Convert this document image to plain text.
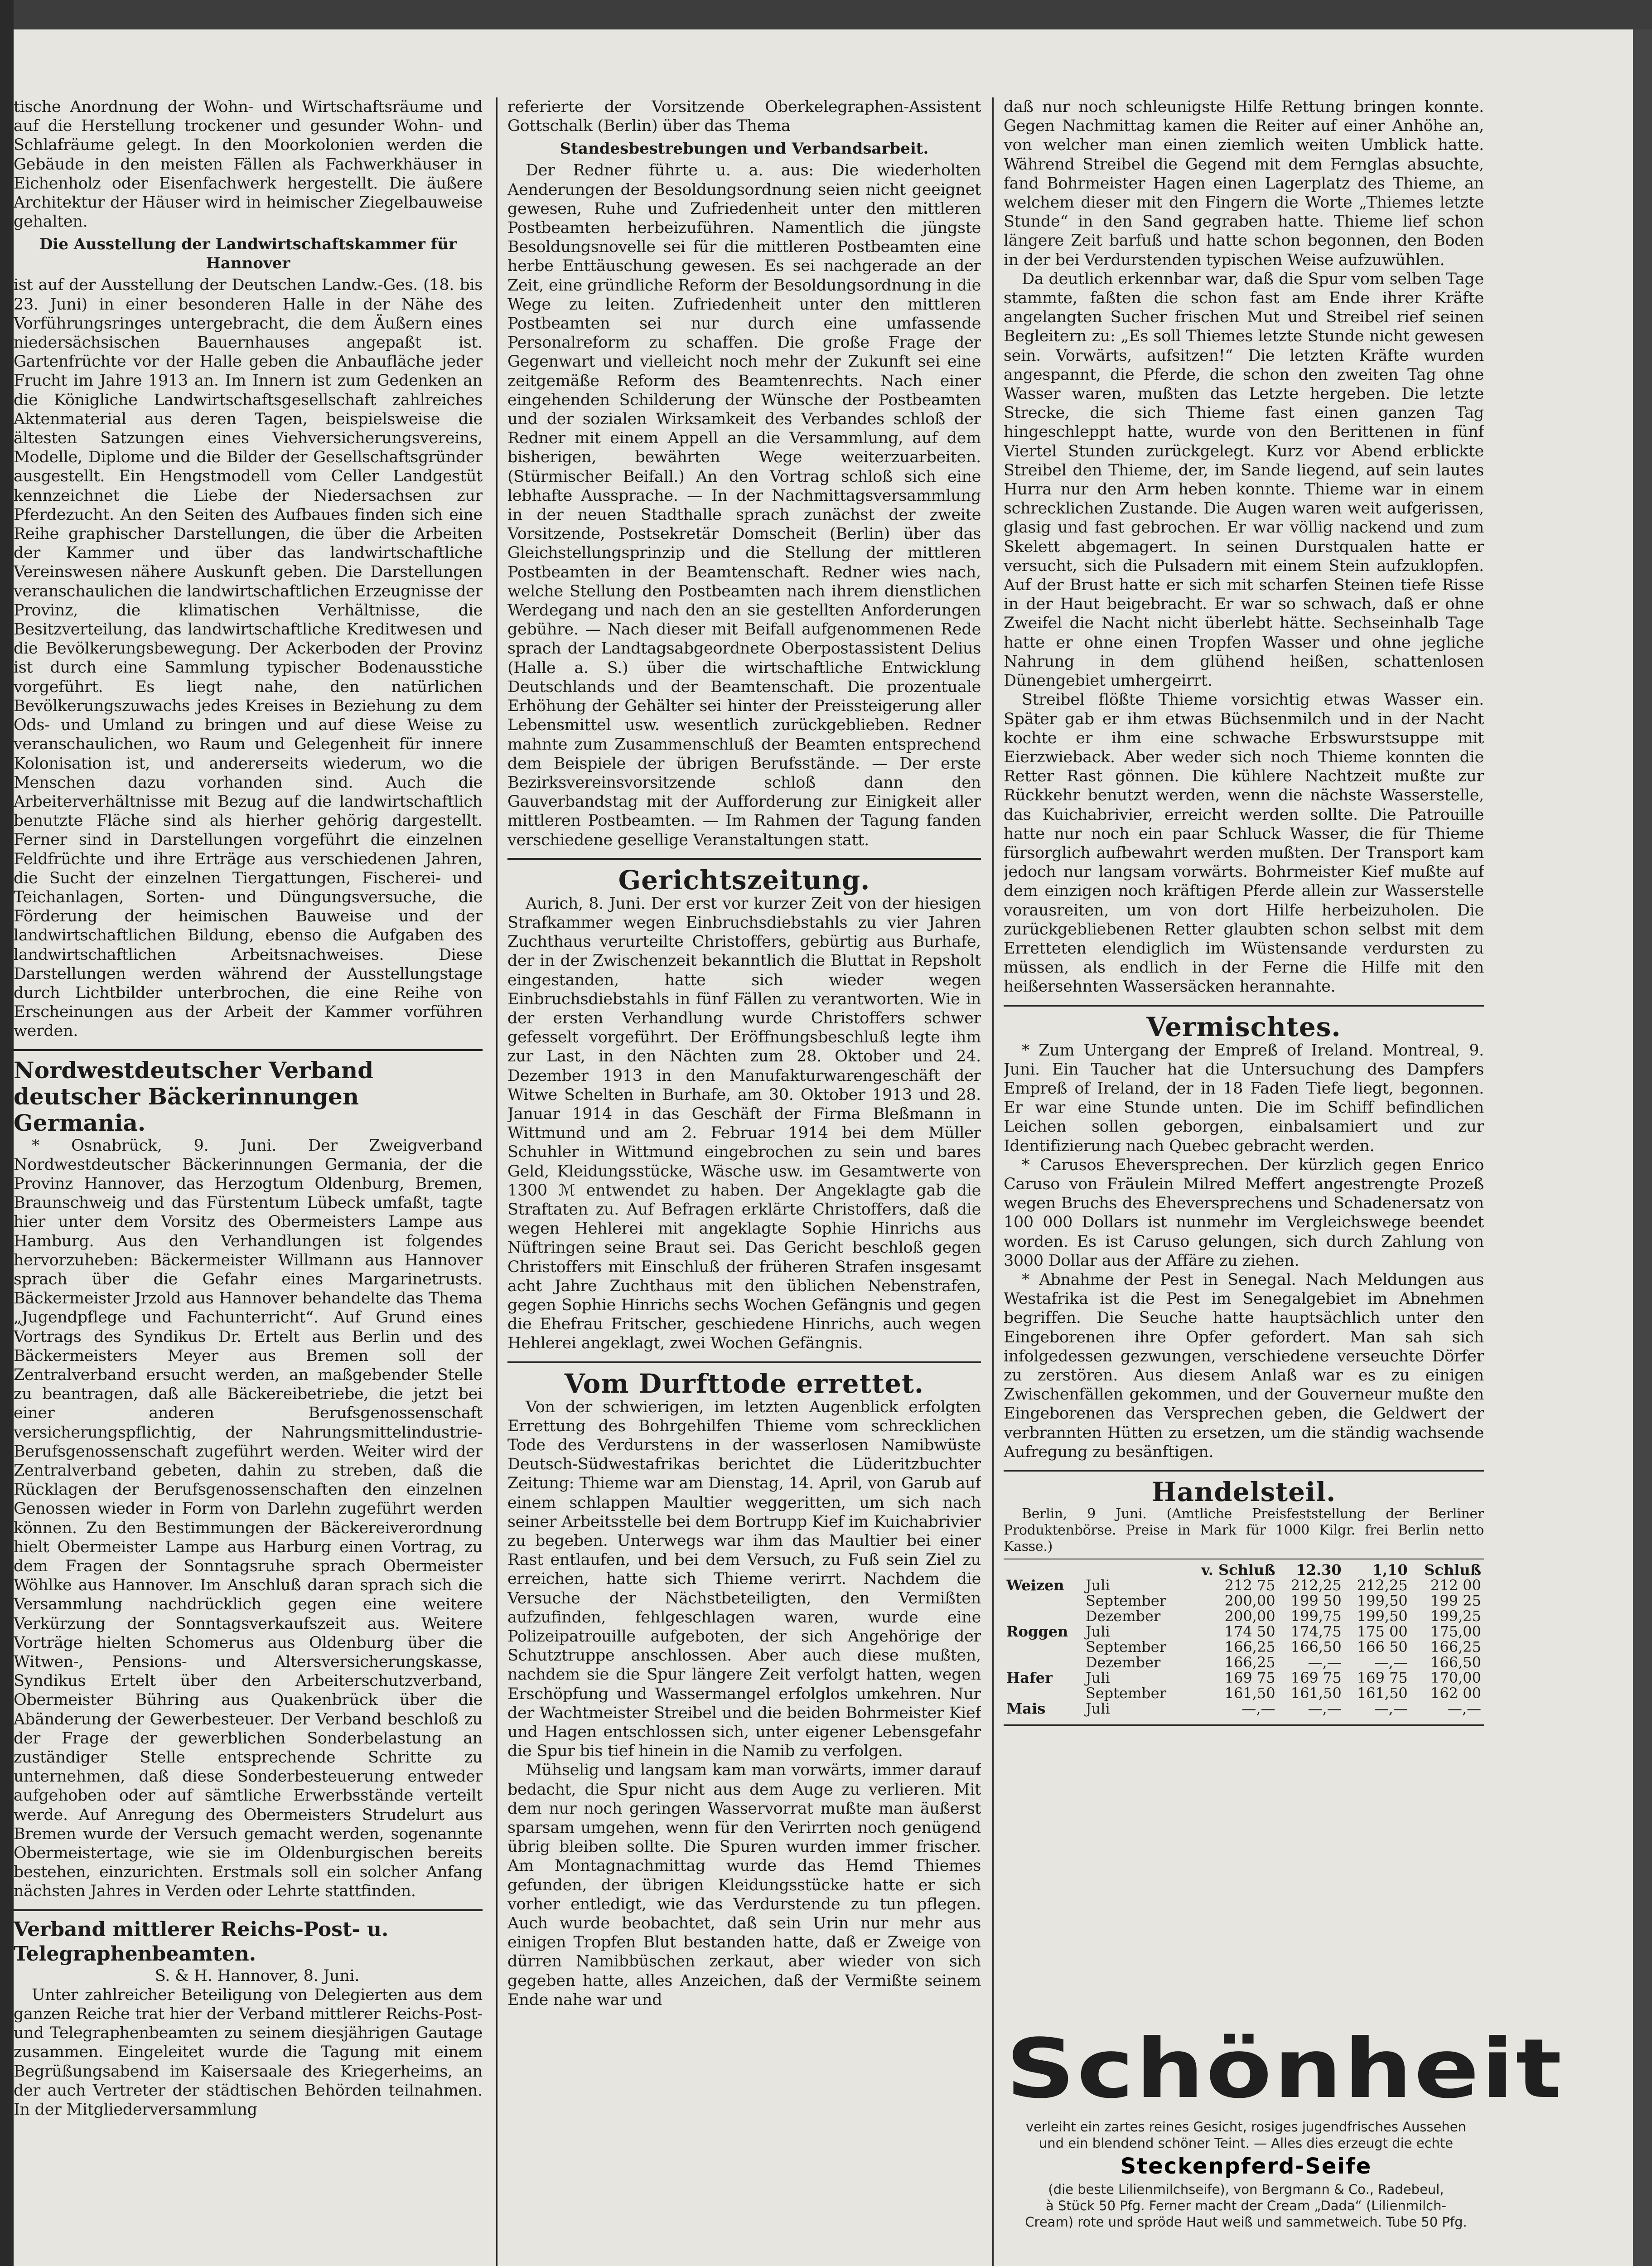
tische Anordnung der Wohn- und Wirtschaftsräume und auf die Herstellung trockener und gesunder Wohn- und Schlafräume gelegt. In den Moorkolonien werden die Gebäude in den meisten Fällen als Fachwerkhäuser in Eichenholz oder Eisenfachwerk hergestellt. Die äußere Architektur der Häuser wird in heimischer Ziegelbauweise gehalten.

Die Ausstellung der Landwirtschaftskammer für Hannover

ist auf der Ausstellung der Deutschen Landw.-Ges. (18. bis 23. Juni) in einer besonderen Halle in der Nähe des Vorführungsringes untergebracht, die dem Äußern eines niedersächsischen Bauernhauses angepaßt ist. Gartenfrüchte vor der Halle geben die Anbaufläche jeder Frucht im Jahre 1913 an. Im Innern ist zum Gedenken an die Königliche Landwirtschaftsgesellschaft zahlreiches Aktenmaterial aus deren Tagen, beispielsweise die ältesten Satzungen eines Viehversicherungsvereins, Modelle, Diplome und die Bilder der Gesellschaftsgründer ausgestellt. Ein Hengstmodell vom Celler Landgestüt kennzeichnet die Liebe der Niedersachsen zur Pferdezucht. An den Seiten des Aufbaues finden sich eine Reihe graphischer Darstellungen, die über die Arbeiten der Kammer und über das landwirtschaftliche Vereinswesen nähere Auskunft geben. Die Darstellungen veranschaulichen die landwirtschaftlichen Erzeugnisse der Provinz, die klimatischen Verhältnisse, die Besitzverteilung, das landwirtschaftliche Kreditwesen und die Bevölkerungsbewegung. Der Ackerboden der Provinz ist durch eine Sammlung typischer Bodenausstiche vorgeführt. Es liegt nahe, den natürlichen Bevölkerungszuwachs jedes Kreises in Beziehung zu dem Ods- und Umland zu bringen und auf diese Weise zu veranschaulichen, wo Raum und Gelegenheit für innere Kolonisation ist, und andererseits wiederum, wo die Menschen dazu vorhanden sind. Auch die Arbeiterverhältnisse mit Bezug auf die landwirtschaftlich benutzte Fläche sind als hierher gehörig dargestellt. Ferner sind in Darstellungen vorgeführt die einzelnen Feldfrüchte und ihre Erträge aus verschiedenen Jahren, die Sucht der einzelnen Tiergattungen, Fischerei- und Teichanlagen, Sorten- und Düngungsversuche, die Förderung der heimischen Bauweise und der landwirtschaftlichen Bildung, ebenso die Aufgaben des landwirtschaftlichen Arbeitsnachweises. Diese Darstellungen werden während der Ausstellungstage durch Lichtbilder unterbrochen, die eine Reihe von Erscheinungen aus der Arbeit der Kammer vorführen werden.

Nordwestdeutscher Verband deutscher Bäckerinnungen Germania.

* Osnabrück, 9. Juni. Der Zweigverband Nordwestdeutscher Bäckerinnungen Germania, der die Provinz Hannover, das Herzogtum Oldenburg, Bremen, Braunschweig und das Fürstentum Lübeck umfaßt, tagte hier unter dem Vorsitz des Obermeisters Lampe aus Hamburg. Aus den Verhandlungen ist folgendes hervorzuheben: Bäckermeister Willmann aus Hannover sprach über die Gefahr eines Margarinetrusts. Bäckermeister Jrzold aus Hannover behandelte das Thema „Jugendpflege und Fachunterricht“. Auf Grund eines Vortrags des Syndikus Dr. Ertelt aus Berlin und des Bäckermeisters Meyer aus Bremen soll der Zentralverband ersucht werden, an maßgebender Stelle zu beantragen, daß alle Bäckereibetriebe, die jetzt bei einer anderen Berufsgenossenschaft versicherungspflichtig, der Nahrungsmittelindustrie-Berufsgenossenschaft zugeführt werden. Weiter wird der Zentralverband gebeten, dahin zu streben, daß die Rücklagen der Berufsgenossenschaften den einzelnen Genossen wieder in Form von Darlehn zugeführt werden können. Zu den Bestimmungen der Bäckereiverordnung hielt Obermeister Lampe aus Harburg einen Vortrag, zu dem Fragen der Sonntagsruhe sprach Obermeister Wöhlke aus Hannover. Im Anschluß daran sprach sich die Versammlung nachdrücklich gegen eine weitere Verkürzung der Sonntagsverkaufszeit aus. Weitere Vorträge hielten Schomerus aus Oldenburg über die Witwen-, Pensions- und Altersversicherungskasse, Syndikus Ertelt über den Arbeiterschutzverband, Obermeister Bühring aus Quakenbrück über die Abänderung der Gewerbesteuer. Der Verband beschloß zu der Frage der gewerblichen Sonderbelastung an zuständiger Stelle entsprechende Schritte zu unternehmen, daß diese Sonderbesteuerung entweder aufgehoben oder auf sämtliche Erwerbsstände verteilt werde. Auf Anregung des Obermeisters Strudelurt aus Bremen wurde der Versuch gemacht werden, sogenannte Obermeistertage, wie sie im Oldenburgischen bereits bestehen, einzurichten. Erstmals soll ein solcher Anfang nächsten Jahres in Verden oder Lehrte stattfinden.

Verband mittlerer Reichs-Post- u. Telegraphenbeamten.

S. & H. Hannover, 8. Juni.

Unter zahlreicher Beteiligung von Delegierten aus dem ganzen Reiche trat hier der Verband mittlerer Reichs-Post- und Telegraphenbeamten zu seinem diesjährigen Gautage zusammen. Eingeleitet wurde die Tagung mit einem Begrüßungsabend im Kaisersaale des Kriegerheims, an der auch Vertreter der städtischen Behörden teilnahmen. In der Mitgliederversammlung

referierte der Vorsitzende Oberkelegraphen-Assistent Gottschalk (Berlin) über das Thema

Standesbestrebungen und Verbandsarbeit.

Der Redner führte u. a. aus: Die wiederholten Aenderungen der Besoldungsordnung seien nicht geeignet gewesen, Ruhe und Zufriedenheit unter den mittleren Postbeamten herbeizuführen. Namentlich die jüngste Besoldungsnovelle sei für die mittleren Postbeamten eine herbe Enttäuschung gewesen. Es sei nachgerade an der Zeit, eine gründliche Reform der Besoldungsordnung in die Wege zu leiten. Zufriedenheit unter den mittleren Postbeamten sei nur durch eine umfassende Personalreform zu schaffen. Die große Frage der Gegenwart und vielleicht noch mehr der Zukunft sei eine zeitgemäße Reform des Beamtenrechts. Nach einer eingehenden Schilderung der Wünsche der Postbeamten und der sozialen Wirksamkeit des Verbandes schloß der Redner mit einem Appell an die Versammlung, auf dem bisherigen, bewährten Wege weiterzuarbeiten. (Stürmischer Beifall.) An den Vortrag schloß sich eine lebhafte Aussprache. — In der Nachmittagsversammlung in der neuen Stadthalle sprach zunächst der zweite Vorsitzende, Postsekretär Domscheit (Berlin) über das Gleichstellungsprinzip und die Stellung der mittleren Postbeamten in der Beamtenschaft. Redner wies nach, welche Stellung den Postbeamten nach ihrem dienstlichen Werdegang und nach den an sie gestellten Anforderungen gebühre. — Nach dieser mit Beifall aufgenommenen Rede sprach der Landtagsabgeordnete Oberpostassistent Delius (Halle a. S.) über die wirtschaftliche Entwicklung Deutschlands und der Beamtenschaft. Die prozentuale Erhöhung der Gehälter sei hinter der Preissteigerung aller Lebensmittel usw. wesentlich zurückgeblieben. Redner mahnte zum Zusammenschluß der Beamten entsprechend dem Beispiele der übrigen Berufsstände. — Der erste Bezirksvereinsvorsitzende schloß dann den Gauverbandstag mit der Aufforderung zur Einigkeit aller mittleren Postbeamten. — Im Rahmen der Tagung fanden verschiedene gesellige Veranstaltungen statt.

Gerichtszeitung.

Aurich, 8. Juni. Der erst vor kurzer Zeit von der hiesigen Strafkammer wegen Einbruchsdiebstahls zu vier Jahren Zuchthaus verurteilte Christoffers, gebürtig aus Burhafe, der in der Zwischenzeit bekanntlich die Bluttat in Repsholt eingestanden, hatte sich wieder wegen Einbruchsdiebstahls in fünf Fällen zu verantworten. Wie in der ersten Verhandlung wurde Christoffers schwer gefesselt vorgeführt. Der Eröffnungsbeschluß legte ihm zur Last, in den Nächten zum 28. Oktober und 24. Dezember 1913 in den Manufakturwarengeschäft der Witwe Schelten in Burhafe, am 30. Oktober 1913 und 28. Januar 1914 in das Geschäft der Firma Bleßmann in Wittmund und am 2. Februar 1914 bei dem Müller Schuhler in Wittmund eingebrochen zu sein und bares Geld, Kleidungsstücke, Wäsche usw. im Gesamtwerte von 1300 ℳ entwendet zu haben. Der Angeklagte gab die Straftaten zu. Auf Befragen erklärte Christoffers, daß die wegen Hehlerei mit angeklagte Sophie Hinrichs aus Nüftringen seine Braut sei. Das Gericht beschloß gegen Christoffers mit Einschluß der früheren Strafen insgesamt acht Jahre Zuchthaus mit den üblichen Nebenstrafen, gegen Sophie Hinrichs sechs Wochen Gefängnis und gegen die Ehefrau Fritscher, geschiedene Hinrichs, auch wegen Hehlerei angeklagt, zwei Wochen Gefängnis.

Vom Durfttode errettet.

Von der schwierigen, im letzten Augenblick erfolgten Errettung des Bohrgehilfen Thieme vom schrecklichen Tode des Verdurstens in der wasserlosen Namibwüste Deutsch-Südwestafrikas berichtet die Lüderitzbuchter Zeitung: Thieme war am Dienstag, 14. April, von Garub auf einem schlappen Maultier weggeritten, um sich nach seiner Arbeitsstelle bei dem Bortrupp Kief im Kuichabrivier zu begeben. Unterwegs war ihm das Maultier bei einer Rast entlaufen, und bei dem Versuch, zu Fuß sein Ziel zu erreichen, hatte sich Thieme verirrt. Nachdem die Versuche der Nächstbeteiligten, den Vermißten aufzufinden, fehlgeschlagen waren, wurde eine Polizeipatrouille aufgeboten, der sich Angehörige der Schutztruppe anschlossen. Aber auch diese mußten, nachdem sie die Spur längere Zeit verfolgt hatten, wegen Erschöpfung und Wassermangel erfolglos umkehren. Nur der Wachtmeister Streibel und die beiden Bohrmeister Kief und Hagen entschlossen sich, unter eigener Lebensgefahr die Spur bis tief hinein in die Namib zu verfolgen.

Mühselig und langsam kam man vorwärts, immer darauf bedacht, die Spur nicht aus dem Auge zu verlieren. Mit dem nur noch geringen Wasservorrat mußte man äußerst sparsam umgehen, wenn für den Verirrten noch genügend übrig bleiben sollte. Die Spuren wurden immer frischer. Am Montagnachmittag wurde das Hemd Thiemes gefunden, der übrigen Kleidungsstücke hatte er sich vorher entledigt, wie das Verdurstende zu tun pflegen. Auch wurde beobachtet, daß sein Urin nur mehr aus einigen Tropfen Blut bestanden hatte, daß er Zweige von dürren Namibbüschen zerkaut, aber wieder von sich gegeben hatte, alles Anzeichen, daß der Vermißte seinem Ende nahe war und

daß nur noch schleunigste Hilfe Rettung bringen konnte. Gegen Nachmittag kamen die Reiter auf einer Anhöhe an, von welcher man einen ziemlich weiten Umblick hatte. Während Streibel die Gegend mit dem Fernglas absuchte, fand Bohrmeister Hagen einen Lagerplatz des Thieme, an welchem dieser mit den Fingern die Worte „Thiemes letzte Stunde“ in den Sand gegraben hatte. Thieme lief schon längere Zeit barfuß und hatte schon begonnen, den Boden in der bei Verdurstenden typischen Weise aufzuwühlen.

Da deutlich erkennbar war, daß die Spur vom selben Tage stammte, faßten die schon fast am Ende ihrer Kräfte angelangten Sucher frischen Mut und Streibel rief seinen Begleitern zu: „Es soll Thiemes letzte Stunde nicht gewesen sein. Vorwärts, aufsitzen!“ Die letzten Kräfte wurden angespannt, die Pferde, die schon den zweiten Tag ohne Wasser waren, mußten das Letzte hergeben. Die letzte Strecke, die sich Thieme fast einen ganzen Tag hingeschleppt hatte, wurde von den Berittenen in fünf Viertel Stunden zurückgelegt. Kurz vor Abend erblickte Streibel den Thieme, der, im Sande liegend, auf sein lautes Hurra nur den Arm heben konnte. Thieme war in einem schrecklichen Zustande. Die Augen waren weit aufgerissen, glasig und fast gebrochen. Er war völlig nackend und zum Skelett abgemagert. In seinen Durstqualen hatte er versucht, sich die Pulsadern mit einem Stein aufzuklopfen. Auf der Brust hatte er sich mit scharfen Steinen tiefe Risse in der Haut beigebracht. Er war so schwach, daß er ohne Zweifel die Nacht nicht überlebt hätte. Sechseinhalb Tage hatte er ohne einen Tropfen Wasser und ohne jegliche Nahrung in dem glühend heißen, schattenlosen Dünengebiet umhergeirrt.

Streibel flößte Thieme vorsichtig etwas Wasser ein. Später gab er ihm etwas Büchsenmilch und in der Nacht kochte er ihm eine schwache Erbswurstsuppe mit Eierzwieback. Aber weder sich noch Thieme konnten die Retter Rast gönnen. Die kühlere Nachtzeit mußte zur Rückkehr benutzt werden, wenn die nächste Wasserstelle, das Kuichabrivier, erreicht werden sollte. Die Patrouille hatte nur noch ein paar Schluck Wasser, die für Thieme fürsorglich aufbewahrt werden mußten. Der Transport kam jedoch nur langsam vorwärts. Bohrmeister Kief mußte auf dem einzigen noch kräftigen Pferde allein zur Wasserstelle vorausreiten, um von dort Hilfe herbeizuholen. Die zurückgebliebenen Retter glaubten schon selbst mit dem Erretteten elendiglich im Wüstensande verdursten zu müssen, als endlich in der Ferne die Hilfe mit den heißersehnten Wassersäcken herannahte.

Vermischtes.

* Zum Untergang der Empreß of Ireland. Montreal, 9. Juni. Ein Taucher hat die Untersuchung des Dampfers Empreß of Ireland, der in 18 Faden Tiefe liegt, begonnen. Er war eine Stunde unten. Die im Schiff befindlichen Leichen sollen geborgen, einbalsamiert und zur Identifizierung nach Quebec gebracht werden.

* Carusos Eheversprechen. Der kürzlich gegen Enrico Caruso von Fräulein Milred Meffert angestrengte Prozeß wegen Bruchs des Eheversprechens und Schadenersatz von 100 000 Dollars ist nunmehr im Vergleichswege beendet worden. Es ist Caruso gelungen, sich durch Zahlung von 3000 Dollar aus der Affäre zu ziehen.

* Abnahme der Pest in Senegal. Nach Meldungen aus Westafrika ist die Pest im Senegalgebiet im Abnehmen begriffen. Die Seuche hatte hauptsächlich unter den Eingeborenen ihre Opfer gefordert. Man sah sich infolgedessen gezwungen, verschiedene verseuchte Dörfer zu zerstören. Aus diesem Anlaß war es zu einigen Zwischenfällen gekommen, und der Gouverneur mußte den Eingeborenen das Versprechen geben, die Geldwert der verbrannten Hütten zu ersetzen, um die ständig wachsende Aufregung zu besänftigen.

Handelsteil.

Berlin, 9 Juni. (Amtliche Preisfeststellung der Berliner Produktenbörse. Preise in Mark für 1000 Kilgr. frei Berlin netto Kasse.)

		v. Schluß	12.30	1,10	Schluß
Weizen	Juli	212 75	212,25	212,25	212 00
	September	200,00	199 50	199,50	199 25
	Dezember	200,00	199,75	199,50	199,25
Roggen	Juli	174 50	174,75	175 00	175,00
	September	166,25	166,50	166 50	166,25
	Dezember	166,25	—,—	—,—	166,50
Hafer	Juli	169 75	169 75	169 75	170,00
	September	161,50	161,50	161,50	162 00
Mais	Juli	—,—	—,—	—,—	—,—
Schönheit

verleiht ein zartes reines Gesicht, rosiges jugendfrisches Aussehen

und ein blendend schöner Teint. — Alles dies erzeugt die echte

Steckenpferd-Seife

(die beste Lilienmilchseife), von Bergmann & Co., Radebeul,

à Stück 50 Pfg. Ferner macht der Cream „Dada“ (Lilienmilch-

Cream) rote und spröde Haut weiß und sammetweich. Tube 50 Pfg.
